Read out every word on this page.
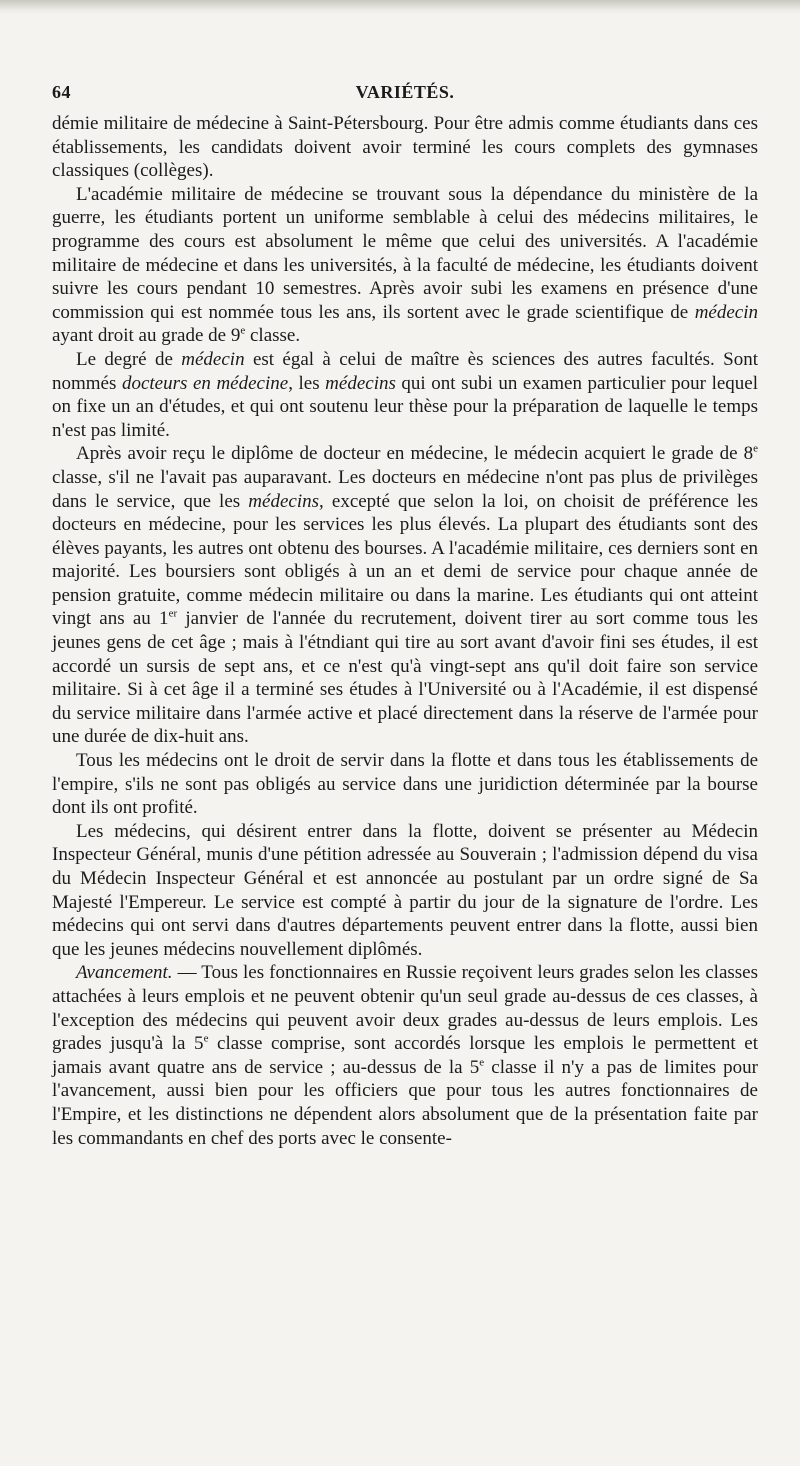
64	VARIÉTÉS.

démie militaire de médecine à Saint-Pétersbourg. Pour être admis comme étudiants dans ces établissements, les candidats doivent avoir terminé les cours complets des gymnases classiques (collèges).

L'académie militaire de médecine se trouvant sous la dépendance du ministère de la guerre, les étudiants portent un uniforme semblable à celui des médecins militaires, le programme des cours est absolument le même que celui des universités. A l'académie militaire de médecine et dans les universités, à la faculté de médecine, les étudiants doivent suivre les cours pendant 10 semestres. Après avoir subi les examens en présence d'une commission qui est nommée tous les ans, ils sortent avec le grade scientifique de médecin ayant droit au grade de 9e classe.

Le degré de médecin est égal à celui de maître ès sciences des autres facultés. Sont nommés docteurs en médecine, les médecins qui ont subi un examen particulier pour lequel on fixe un an d'études, et qui ont soutenu leur thèse pour la préparation de laquelle le temps n'est pas limité.

Après avoir reçu le diplôme de docteur en médecine, le médecin acquiert le grade de 8e classe, s'il ne l'avait pas auparavant. Les docteurs en médecine n'ont pas plus de privilèges dans le service, que les médecins, excepté que selon la loi, on choisit de préférence les docteurs en médecine, pour les services les plus élevés. La plupart des étudiants sont des élèves payants, les autres ont obtenu des bourses. A l'académie militaire, ces derniers sont en majorité. Les boursiers sont obligés à un an et demi de service pour chaque année de pension gratuite, comme médecin militaire ou dans la marine. Les étudiants qui ont atteint vingt ans au 1er janvier de l'année du recrutement, doivent tirer au sort comme tous les jeunes gens de cet âge ; mais à l'étndiant qui tire au sort avant d'avoir fini ses études, il est accordé un sursis de sept ans, et ce n'est qu'à vingt-sept ans qu'il doit faire son service militaire. Si à cet âge il a terminé ses études à l'Université ou à l'Académie, il est dispensé du service militaire dans l'armée active et placé directement dans la réserve de l'armée pour une durée de dix-huit ans.

Tous les médecins ont le droit de servir dans la flotte et dans tous les établissements de l'empire, s'ils ne sont pas obligés au service dans une juridiction déterminée par la bourse dont ils ont profité.

Les médecins, qui désirent entrer dans la flotte, doivent se présenter au Médecin Inspecteur Général, munis d'une pétition adressée au Souverain ; l'admission dépend du visa du Médecin Inspecteur Général et est annoncée au postulant par un ordre signé de Sa Majesté l'Empereur. Le service est compté à partir du jour de la signature de l'ordre. Les médecins qui ont servi dans d'autres départements peuvent entrer dans la flotte, aussi bien que les jeunes médecins nouvellement diplômés.

Avancement. — Tous les fonctionnaires en Russie reçoivent leurs grades selon les classes attachées à leurs emplois et ne peuvent obtenir qu'un seul grade au-dessus de ces classes, à l'exception des médecins qui peuvent avoir deux grades au-dessus de leurs emplois. Les grades jusqu'à la 5e classe comprise, sont accordés lorsque les emplois le permettent et jamais avant quatre ans de service ; au-dessus de la 5e classe il n'y a pas de limites pour l'avancement, aussi bien pour les officiers que pour tous les autres fonctionnaires de l'Empire, et les distinctions ne dépendent alors absolument que de la présentation faite par les commandants en chef des ports avec le consente-
